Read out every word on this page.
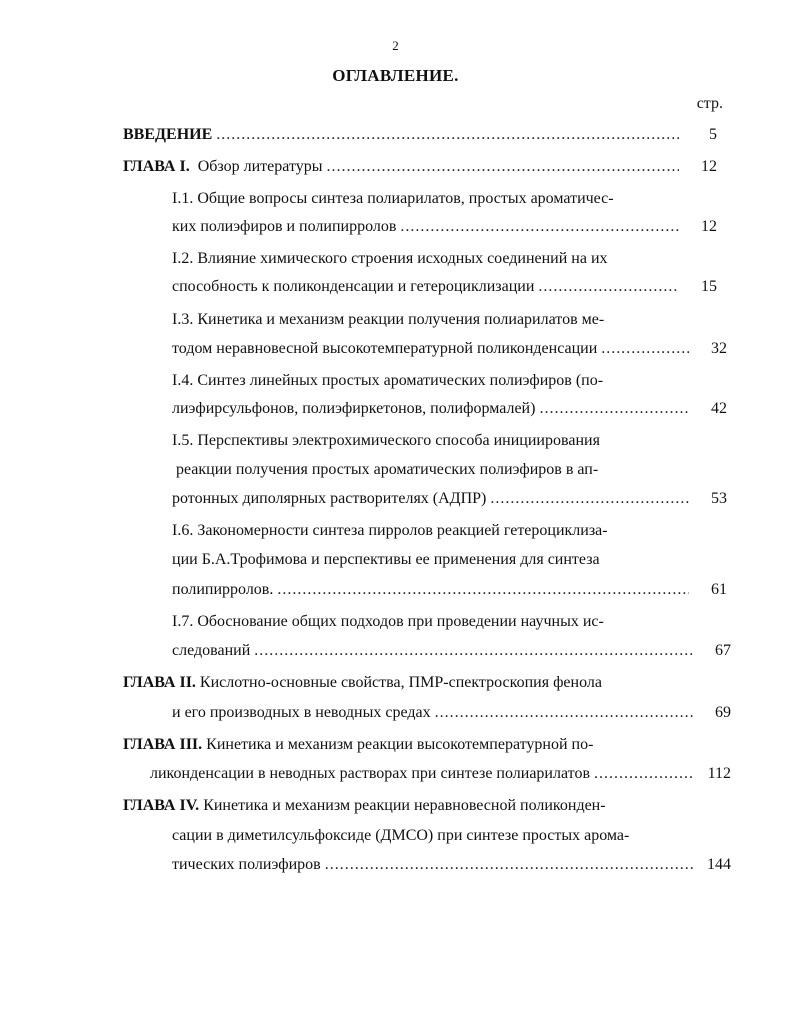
2
ОГЛАВЛЕНИЕ.
стр.
ВВЕДЕНИЕ .....	5
ГЛАВА I. Обзор литературы .....	12
I.1. Общие вопросы синтеза полиарилатов, простых ароматичес-
ких полиэфиров и полипирролов .....	12
I.2. Влияние химического строения исходных соединений на их
способность к поликонденсации и гетероциклизации .....	15
I.3. Кинетика и механизм реакции получения полиарилатов ме-
тодом неравновесной высокотемпературной поликонденсации .....	32
I.4. Синтез линейных простых ароматических полиэфиров (по-
лиэфирсульфонов, полиэфиркетонов, полиформалей) .....	42
I.5. Перспективы электрохимического способа инициирования
реакции получения простых ароматических полиэфиров в ап-
ротонных диполярных растворителях (АДПР) .....	53
I.6. Закономерности синтеза пирролов реакцией гетероциклиза-
ции Б.А.Трофимова и перспективы ее применения для синтеза
полипирролов. .....	61
I.7. Обоснование общих подходов при проведении научных ис-
следований .....	67
ГЛАВА II. Кислотно-основные свойства, ПМР-спектроскопия фенола
и его производных в неводных средах .....	69
ГЛАВА III. Кинетика и механизм реакции высокотемпературной по-
ликонденсации в неводных растворах при синтезе полиарилатов .....	112
ГЛАВА IV. Кинетика и механизм реакции неравновесной поликонден-
сации в диметилсульфоксиде (ДМСО) при синтезе простых арома-
тических полиэфиров .....	144
